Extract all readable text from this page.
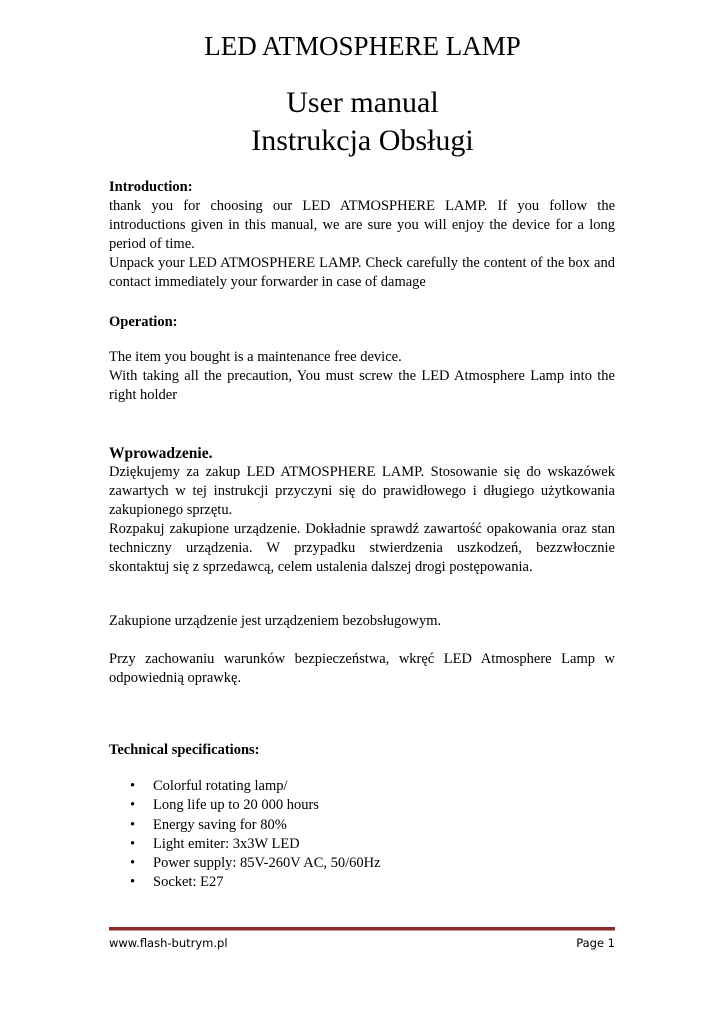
LED ATMOSPHERE LAMP
User manual
Instrukcja Obsługi

Introduction:

thank you for choosing our LED ATMOSPHERE LAMP. If you follow the introductions given in this manual, we are sure you will enjoy the device for a long period of time.

Unpack your LED ATMOSPHERE LAMP. Check carefully the content of the box and contact immediately your forwarder in case of damage

Operation:

The item you bought is a maintenance free device.

With taking all the precaution, You must screw the LED Atmosphere Lamp into the right holder

Wprowadzenie.

Dziękujemy za zakup LED ATMOSPHERE LAMP. Stosowanie się do wskazówek zawartych w tej instrukcji przyczyni się do prawidłowego i długiego użytkowania zakupionego sprzętu.

Rozpakuj zakupione urządzenie. Dokładnie sprawdź zawartość opakowania oraz stan techniczny urządzenia. W przypadku stwierdzenia uszkodzeń, bezzwłocznie skontaktuj się z sprzedawcą, celem ustalenia dalszej drogi postępowania.

Zakupione urządzenie jest urządzeniem bezobsługowym.

Przy zachowaniu warunków bezpieczeństwa, wkręć LED Atmosphere Lamp w odpowiednią oprawkę.

Technical specifications:

• Colorful rotating lamp/
• Long life up to 20 000 hours
• Energy saving for 80%
• Light emiter: 3x3W LED
• Power supply: 85V-260V AC, 50/60Hz
• Socket: E27
www.flash-butrym.pl	Page 1
